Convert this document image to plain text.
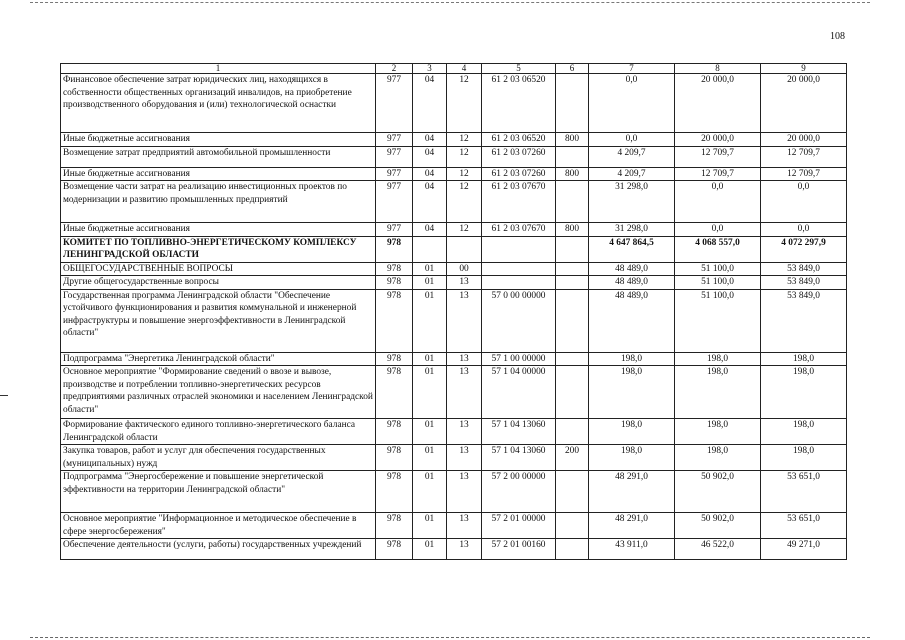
108
1	2	3	4	5	6	7	8	9
Финансовое обеспечение затрат юридических лиц, находящихся в собственности общественных организаций инвалидов, на приобретение производственного оборудования и (или) технологической оснастки	977	04	12	61 2 03 06520		0,0	20 000,0	20 000,0
Иные бюджетные ассигнования	977	04	12	61 2 03 06520	800	0,0	20 000,0	20 000,0
Возмещение затрат предприятий автомобильной промышленности	977	04	12	61 2 03 07260		4 209,7	12 709,7	12 709,7
Иные бюджетные ассигнования	977	04	12	61 2 03 07260	800	4 209,7	12 709,7	12 709,7
Возмещение части затрат на реализацию инвестиционных проектов по модернизации и развитию промышленных предприятий	977	04	12	61 2 03 07670		31 298,0	0,0	0,0
Иные бюджетные ассигнования	977	04	12	61 2 03 07670	800	31 298,0	0,0	0,0
КОМИТЕТ ПО ТОПЛИВНО-ЭНЕРГЕТИЧЕСКОМУ КОМПЛЕКСУ ЛЕНИНГРАДСКОЙ ОБЛАСТИ	978					4 647 864,5	4 068 557,0	4 072 297,9
ОБЩЕГОСУДАРСТВЕННЫЕ ВОПРОСЫ	978	01	00			48 489,0	51 100,0	53 849,0
Другие общегосударственные вопросы	978	01	13			48 489,0	51 100,0	53 849,0
Государственная программа Ленинградской области "Обеспечение устойчивого функционирования и развития коммунальной и инженерной инфраструктуры и повышение энергоэффективности в Ленинградской области"	978	01	13	57 0 00 00000		48 489,0	51 100,0	53 849,0
Подпрограмма "Энергетика Ленинградской области"	978	01	13	57 1 00 00000		198,0	198,0	198,0
Основное мероприятие "Формирование сведений о ввозе и вывозе, производстве и потреблении топливно-энергетических ресурсов предприятиями различных отраслей экономики и населением Ленинградской области"	978	01	13	57 1 04 00000		198,0	198,0	198,0
Формирование фактического единого топливно-энергетического баланса Ленинградской области	978	01	13	57 1 04 13060		198,0	198,0	198,0
Закупка товаров, работ и услуг для обеспечения государственных (муниципальных) нужд	978	01	13	57 1 04 13060	200	198,0	198,0	198,0
Подпрограмма "Энергосбережение и повышение энергетической эффективности на территории Ленинградской области"	978	01	13	57 2 00 00000		48 291,0	50 902,0	53 651,0
Основное мероприятие "Информационное и методическое обеспечение в сфере энергосбережения"	978	01	13	57 2 01 00000		48 291,0	50 902,0	53 651,0
Обеспечение деятельности (услуги, работы) государственных учреждений	978	01	13	57 2 01 00160		43 911,0	46 522,0	49 271,0
